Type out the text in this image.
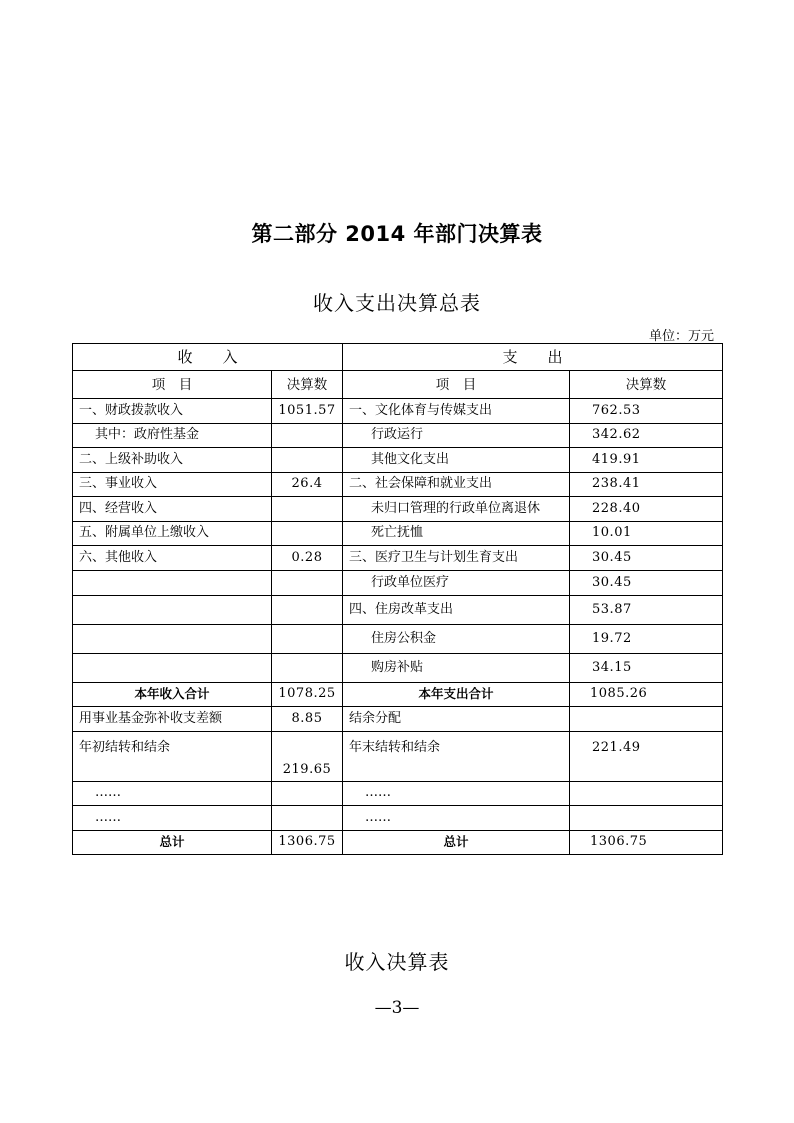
第二部分 2014 年部门决算表
收入支出决算总表
单位：万元
收　　入		支　　出	
项　目	决算数	项　目	决算数
一、财政拨款收入	1051.57	一、文化体育与传媒支出	762.53
其中：政府性基金		行政运行	342.62
二、上级补助收入		其他文化支出	419.91
三、事业收入	26.4	二、社会保障和就业支出	238.41
四、经营收入		未归口管理的行政单位离退休	228.40
五、附属单位上缴收入		死亡抚恤	10.01
六、其他收入	0.28	三、医疗卫生与计划生育支出	30.45
		行政单位医疗	30.45
		四、住房改革支出	53.87
		住房公积金	19.72
		购房补贴	34.15
本年收入合计	1078.25	本年支出合计	1085.26
用事业基金弥补收支差额	8.85	结余分配	
年初结转和结余	219.65	年末结转和结余	221.49
……		……	
……		……	
总计	1306.75	总计	1306.75
收入决算表
—3—
